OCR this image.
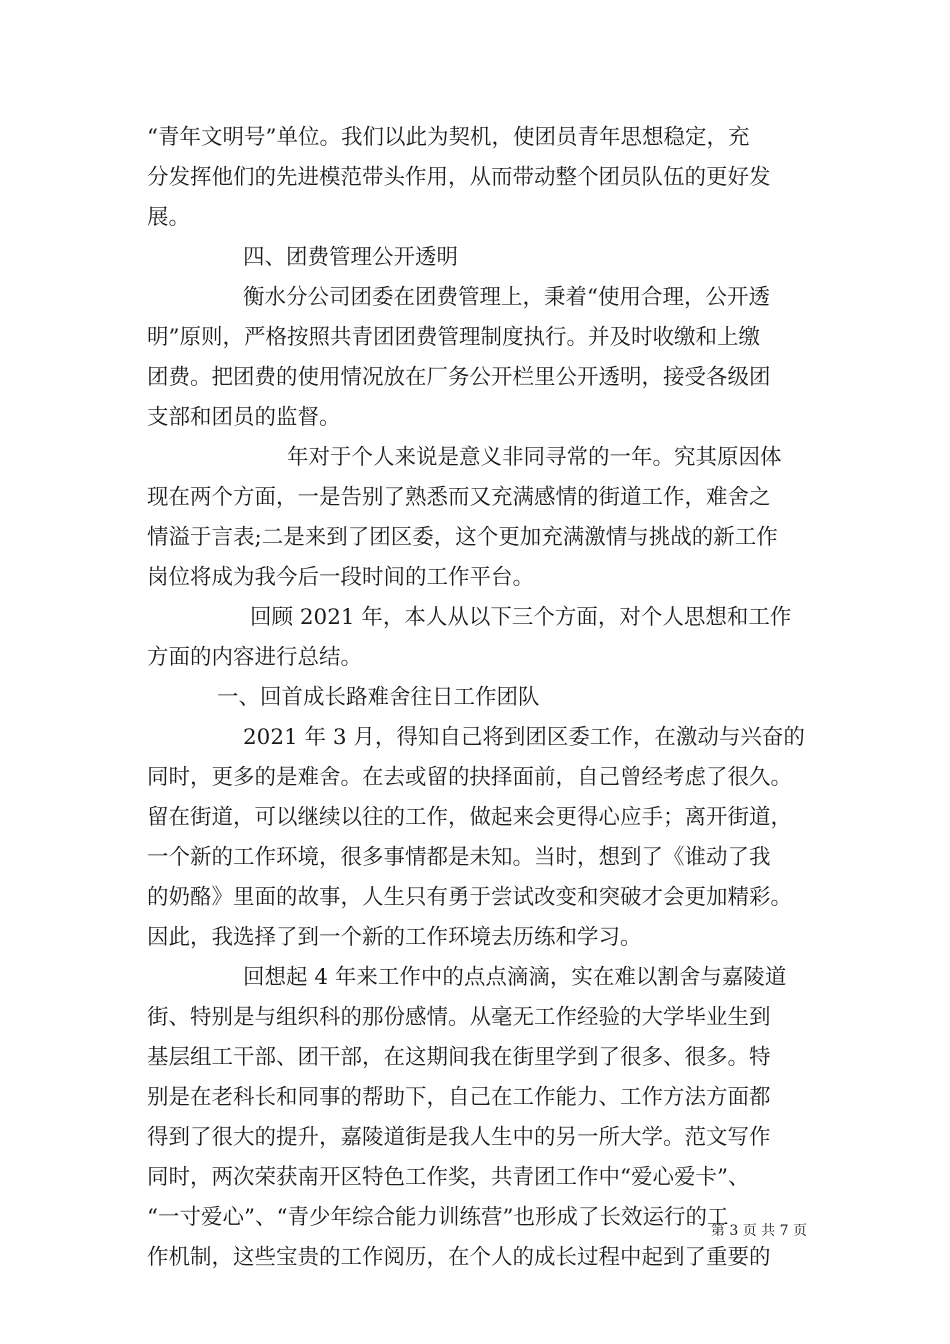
“青年文明号”单位。我们以此为契机，使团员青年思想稳定，充
分发挥他们的先进模范带头作用，从而带动整个团员队伍的更好发
展。
四、团费管理公开透明
衡水分公司团委在团费管理上，秉着“使用合理，公开透
明”原则，严格按照共青团团费管理制度执行。并及时收缴和上缴
团费。把团费的使用情况放在厂务公开栏里公开透明，接受各级团
支部和团员的监督。
年对于个人来说是意义非同寻常的一年。究其原因体
现在两个方面，一是告别了熟悉而又充满感情的街道工作，难舍之
情溢于言表;二是来到了团区委，这个更加充满激情与挑战的新工作
岗位将成为我今后一段时间的工作平台。
回顾 2021 年，本人从以下三个方面，对个人思想和工作
方面的内容进行总结。
一、回首成长路难舍往日工作团队
2021 年 3 月，得知自己将到团区委工作，在激动与兴奋的
同时，更多的是难舍。在去或留的抉择面前，自己曾经考虑了很久。
留在街道，可以继续以往的工作，做起来会更得心应手；离开街道，
一个新的工作环境，很多事情都是未知。当时，想到了《谁动了我
的奶酪》里面的故事，人生只有勇于尝试改变和突破才会更加精彩。
因此，我选择了到一个新的工作环境去历练和学习。
回想起 4 年来工作中的点点滴滴，实在难以割舍与嘉陵道
街、特别是与组织科的那份感情。从毫无工作经验的大学毕业生到
基层组工干部、团干部，在这期间我在街里学到了很多、很多。特
别是在老科长和同事的帮助下，自己在工作能力、工作方法方面都
得到了很大的提升，嘉陵道街是我人生中的另一所大学。范文写作
同时，两次荣获南开区特色工作奖，共青团工作中“爱心爱卡”、
“一寸爱心”、“青少年综合能力训练营”也形成了长效运行的工
作机制，这些宝贵的工作阅历，在个人的成长过程中起到了重要的
第 3 页 共 7 页
